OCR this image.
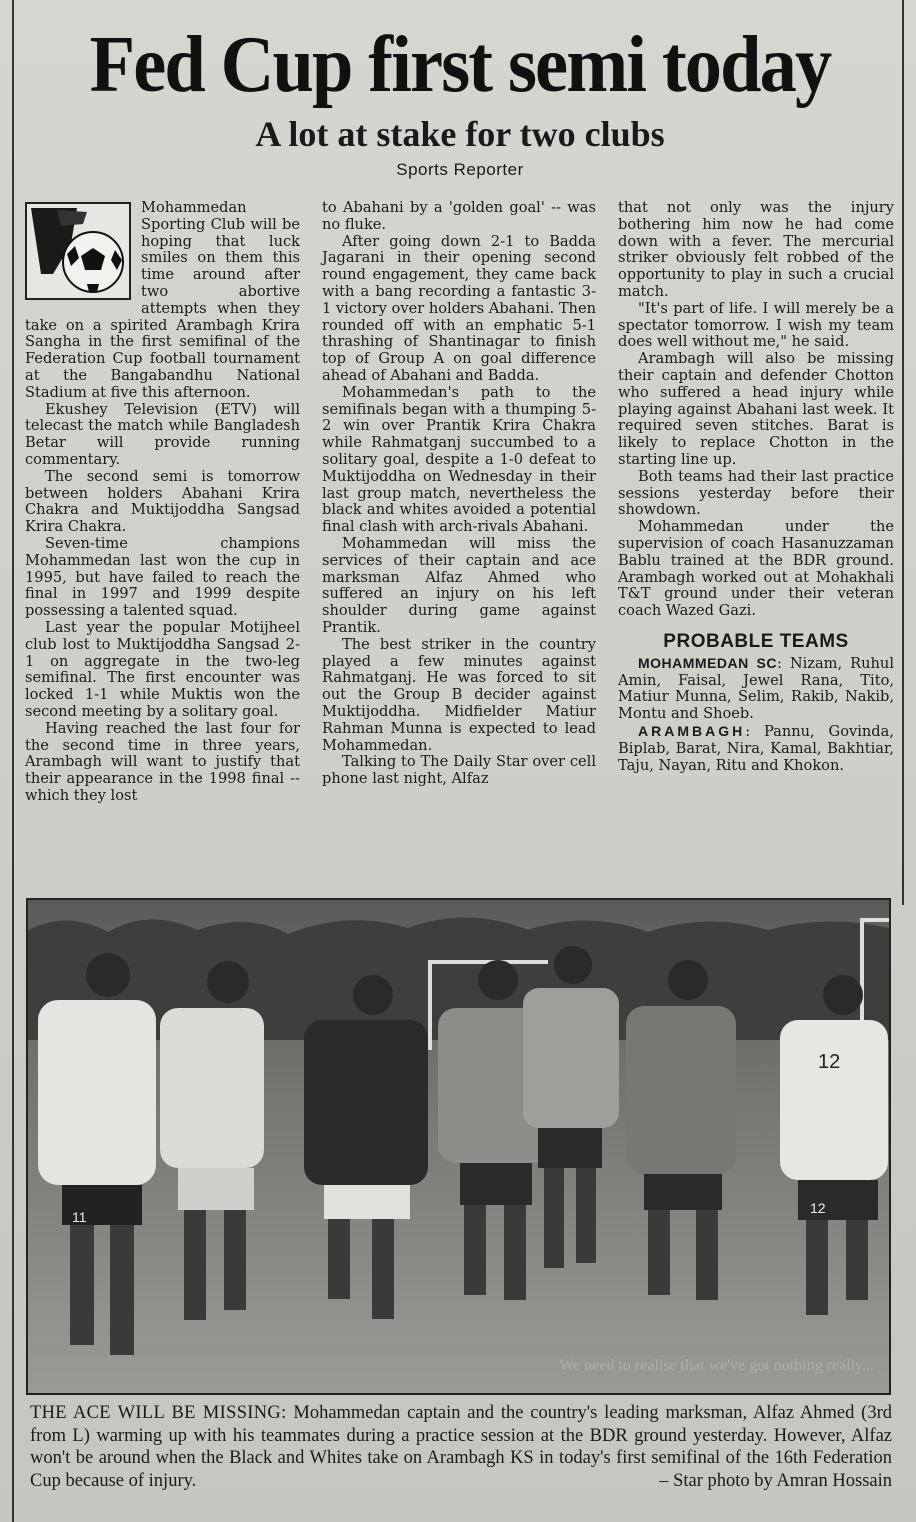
Fed Cup first semi today
A lot at stake for two clubs
Sports Reporter

Mohammedan Sporting Club will be hoping that luck smiles on them this time around after two abortive attempts when they take on a spirited Arambagh Krira Sangha in the first semifinal of the Federation Cup football tournament at the Bangabandhu National Stadium at five this afternoon.

Ekushey Television (ETV) will telecast the match while Bangladesh Betar will provide running commentary.

The second semi is tomorrow between holders Abahani Krira Chakra and Muktijoddha Sangsad Krira Chakra.

Seven-time champions Mohammedan last won the cup in 1995, but have failed to reach the final in 1997 and 1999 despite possessing a talented squad.

Last year the popular Motijheel club lost to Muktijoddha Sangsad 2-1 on aggregate in the two-leg semifinal. The first encounter was locked 1-1 while Muktis won the second meeting by a solitary goal.

Having reached the last four for the second time in three years, Arambagh will want to justify that their appearance in the 1998 final -- which they lost

to Abahani by a 'golden goal' -- was no fluke.

After going down 2-1 to Badda Jagarani in their opening second round engagement, they came back with a bang recording a fantastic 3-1 victory over holders Abahani. Then rounded off with an emphatic 5-1 thrashing of Shantinagar to finish top of Group A on goal difference ahead of Abahani and Badda.

Mohammedan's path to the semifinals began with a thumping 5-2 win over Prantik Krira Chakra while Rahmatganj succumbed to a solitary goal, despite a 1-0 defeat to Muktijoddha on Wednesday in their last group match, nevertheless the black and whites avoided a potential final clash with arch-rivals Abahani.

Mohammedan will miss the services of their captain and ace marksman Alfaz Ahmed who suffered an injury on his left shoulder during game against Prantik.

The best striker in the country played a few minutes against Rahmatganj. He was forced to sit out the Group B decider against Muktijoddha. Midfielder Matiur Rahman Munna is expected to lead Mohammedan.

Talking to The Daily Star over cell phone last night, Alfaz

that not only was the injury bothering him now he had come down with a fever. The mercurial striker obviously felt robbed of the opportunity to play in such a crucial match.

"It's part of life. I will merely be a spectator tomorrow. I wish my team does well without me," he said.

Arambagh will also be missing their captain and defender Chotton who suffered a head injury while playing against Abahani last week. It required seven stitches. Barat is likely to replace Chotton in the starting line up.

Both teams had their last practice sessions yesterday before their showdown.

Mohammedan under the supervision of coach Hasanuzzaman Bablu trained at the BDR ground. Arambagh worked out at Mohakhali T&T ground under their veteran coach Wazed Gazi.

PROBABLE TEAMS

MOHAMMEDAN SC: Nizam, Ruhul Amin, Faisal, Jewel Rana, Tito, Matiur Munna, Selim, Rakib, Nakib, Montu and Shoeb.

ARAMBAGH: Pannu, Govinda, Biplab, Barat, Nira, Kamal, Bakhtiar, Taju, Nayan, Ritu and Khokon.

11
12
12
We need to realise that we've got nothing really...
THE ACE WILL BE MISSING: Mohammedan captain and the country's leading marksman, Alfaz Ahmed (3rd from L) warming up with his teammates during a practice session at the BDR ground yesterday. However, Alfaz won't be around when the Black and Whites take on Arambagh KS in today's first semifinal of the 16th Federation Cup because of injury.	– Star photo by Amran Hossain
